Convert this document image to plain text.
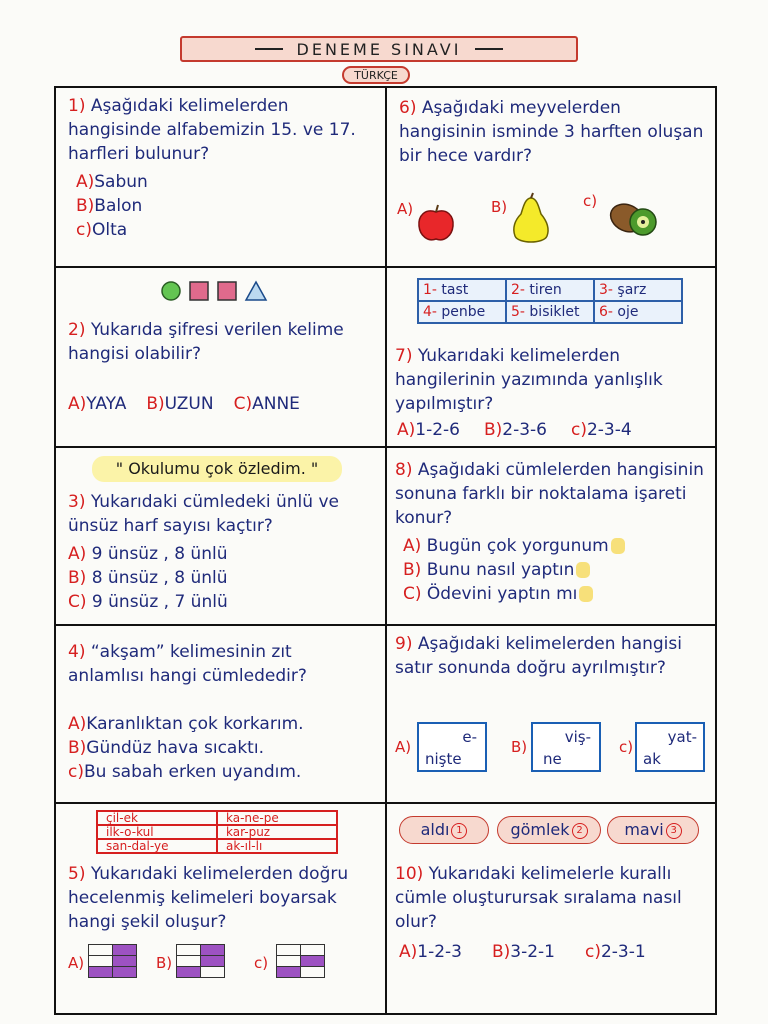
DENEME SINAVI
TÜRKÇE
1) Aşağıdaki kelimelerden hangisinde alfabemizin 15. ve 17. harfleri bulunur?
A)Sabun
B)Balon
c)Olta
6) Aşağıdaki meyvelerden hangisinin isminde 3 harften oluşan bir hece vardır?
A)	B)	c)
2) Yukarıda şifresi verilen kelime hangisi olabilir?
A)YAYA B)UZUN C)ANNE
1- tast	2- tiren	3- şarz
4- penbe	5- bisiklet	6- oje
7) Yukarıdaki kelimelerden hangilerinin yazımında yanlışlık yapılmıştır?
A)1-2-6 B)2-3-6 c)2-3-4
" Okulumu çok özledim. "
3) Yukarıdaki cümledeki ünlü ve ünsüz harf sayısı kaçtır?
A) 9 ünsüz , 8 ünlü
B) 8 ünsüz , 8 ünlü
C) 9 ünsüz , 7 ünlü
8) Aşağıdaki cümlelerden hangisinin sonuna farklı bir noktalama işareti konur?
A) Bugün çok yorgunum
B) Bunu nasıl yaptın
C) Ödevini yaptın mı
4) “akşam” kelimesinin zıt anlamlısı hangi cümlededir?
A)Karanlıktan çok korkarım.
B)Gündüz hava sıcaktı.
c)Bu sabah erken uyandım.
9) Aşağıdaki kelimelerden hangisi satır sonunda doğru ayrılmıştır?
A)
e-
nişte
B)
viş-
ne
c)
yat-
ak
çil-ek	ka-ne-pe
ilk-o-kul	kar-puz
san-dal-ye	ak-ıl-lı
5) Yukarıdaki kelimelerden doğru hecelenmiş kelimeleri boyarsak hangi şekil oluşur?
A)

		B)

		c)

aldı 1	gömlek 2	mavi 3
10) Yukarıdaki kelimelerle kurallı cümle oluşturursak sıralama nasıl olur?
A)1-2-3 B)3-2-1 c)2-3-1
